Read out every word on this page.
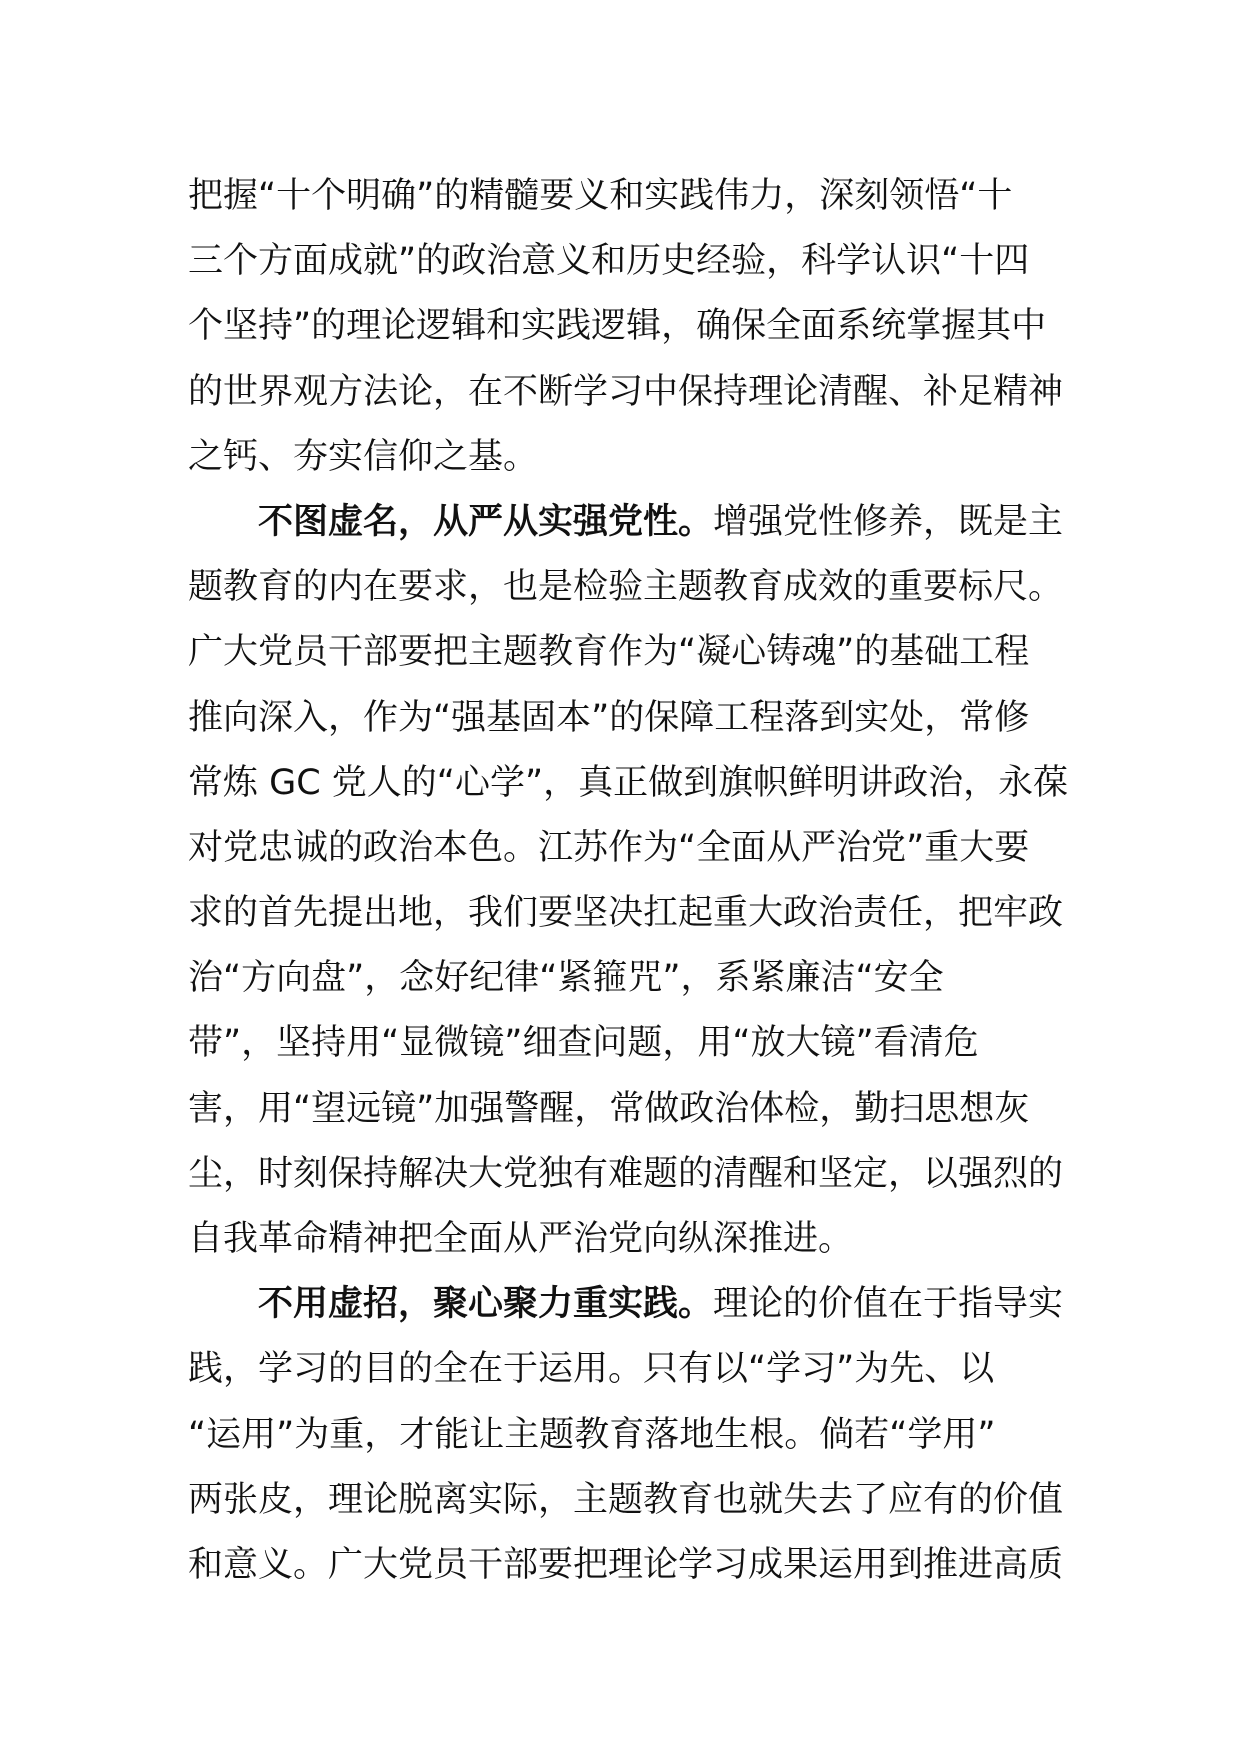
把握“十个明确”的精髓要义和实践伟力，深刻领悟“十
三个方面成就”的政治意义和历史经验，科学认识“十四
个坚持”的理论逻辑和实践逻辑，确保全面系统掌握其中
的世界观方法论，在不断学习中保持理论清醒、补足精神
之钙、夯实信仰之基。
不图虚名，从严从实强党性。增强党性修养，既是主
题教育的内在要求，也是检验主题教育成效的重要标尺。
广大党员干部要把主题教育作为“凝心铸魂”的基础工程
推向深入，作为“强基固本”的保障工程落到实处，常修
常炼 GC 党人的“心学”，真正做到旗帜鲜明讲政治，永葆
对党忠诚的政治本色。江苏作为“全面从严治党”重大要
求的首先提出地，我们要坚决扛起重大政治责任，把牢政
治“方向盘”，念好纪律“紧箍咒”，系紧廉洁“安全
带”，坚持用“显微镜”细查问题，用“放大镜”看清危
害，用“望远镜”加强警醒，常做政治体检，勤扫思想灰
尘，时刻保持解决大党独有难题的清醒和坚定，以强烈的
自我革命精神把全面从严治党向纵深推进。
不用虚招，聚心聚力重实践。理论的价值在于指导实
践，学习的目的全在于运用。只有以“学习”为先、以
“运用”为重，才能让主题教育落地生根。倘若“学用”
两张皮，理论脱离实际，主题教育也就失去了应有的价值
和意义。广大党员干部要把理论学习成果运用到推进高质
